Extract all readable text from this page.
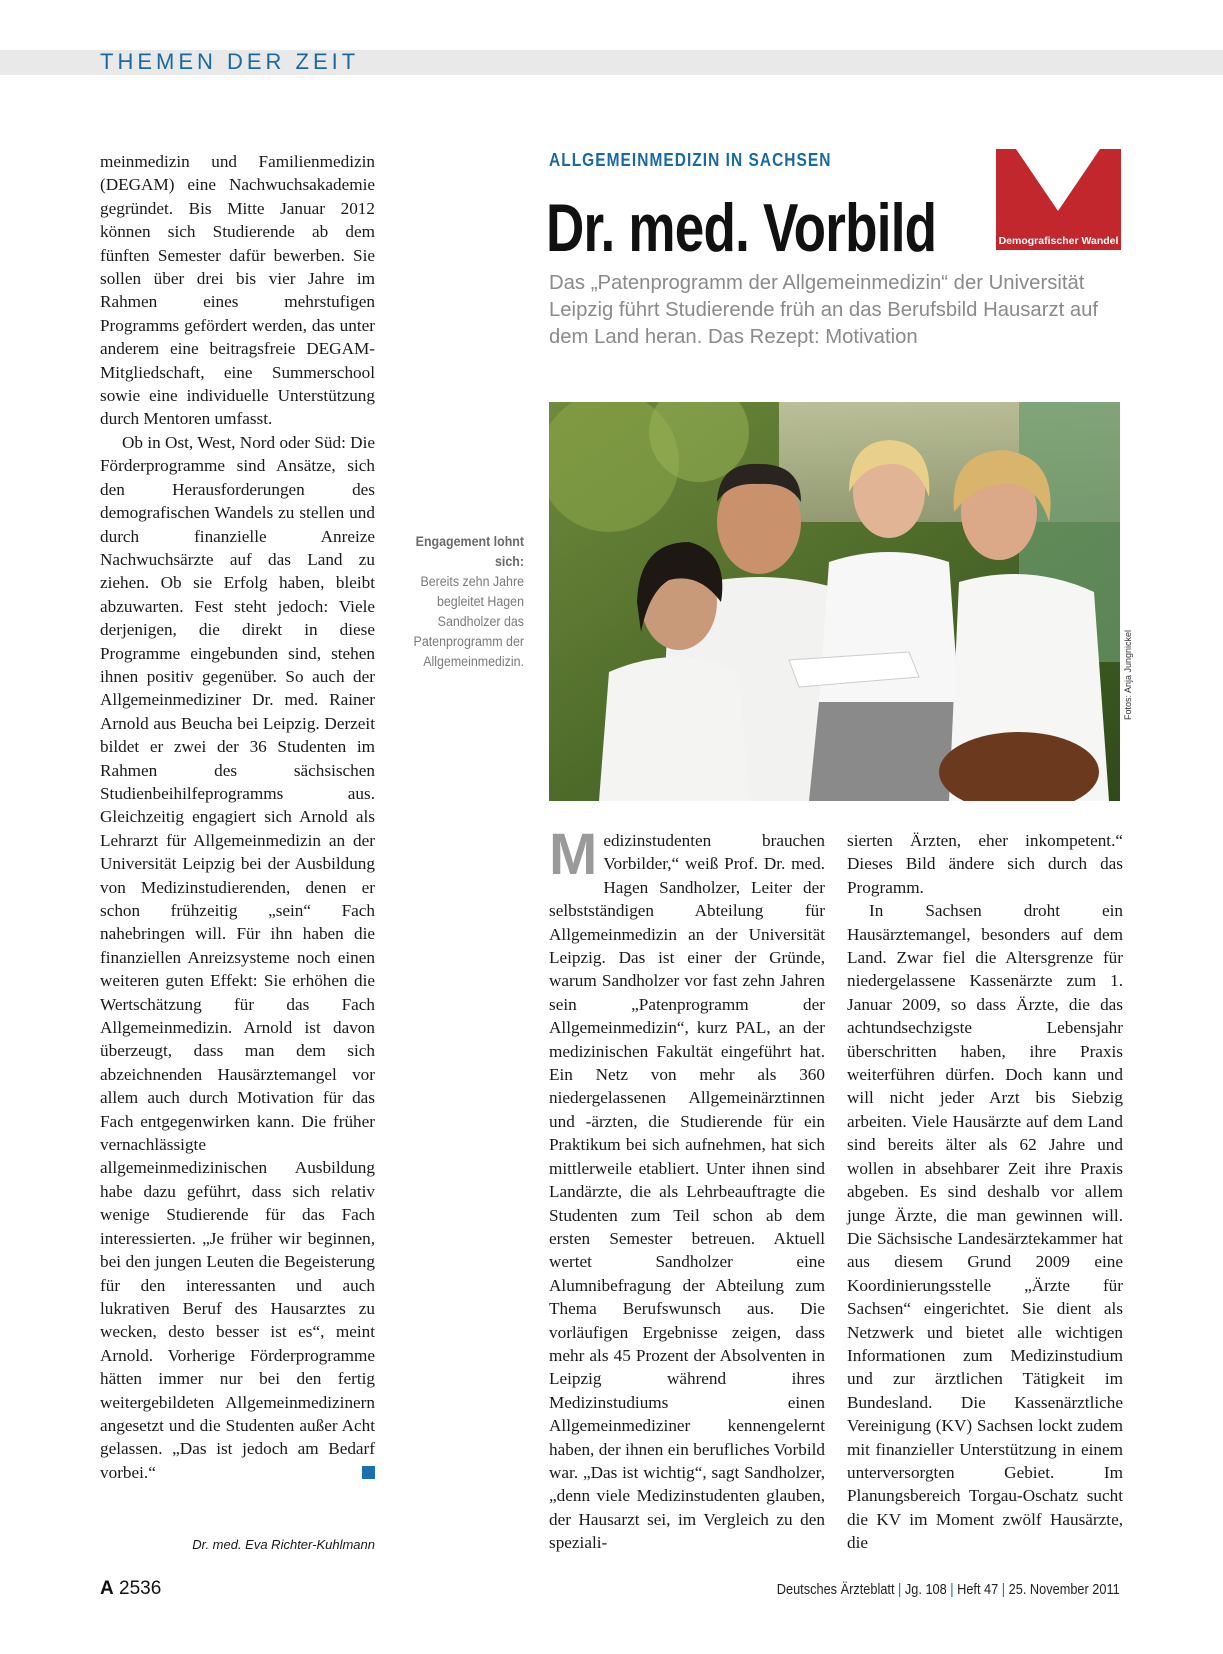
THEMEN DER ZEIT

meinmedizin und Familienmedizin (DEGAM) eine Nachwuchsakademie gegründet. Bis Mitte Januar 2012 können sich Studierende ab dem fünften Semester dafür bewerben. Sie sollen über drei bis vier Jahre im Rahmen eines mehrstufigen Programms gefördert werden, das unter anderem eine beitragsfreie DEGAM-Mitgliedschaft, eine Summerschool sowie eine individuelle Unterstützung durch Mentoren umfasst.

Ob in Ost, West, Nord oder Süd: Die Förderprogramme sind Ansätze, sich den Herausforderungen des demografischen Wandels zu stellen und durch finanzielle Anreize Nachwuchsärzte auf das Land zu ziehen. Ob sie Erfolg haben, bleibt abzuwarten. Fest steht jedoch: Viele derjenigen, die direkt in diese Programme eingebunden sind, stehen ihnen positiv gegenüber. So auch der Allgemeinmediziner Dr. med. Rainer Arnold aus Beucha bei Leipzig. Derzeit bildet er zwei der 36 Studenten im Rahmen des sächsischen Studienbeihilfeprogramms aus. Gleichzeitig engagiert sich Arnold als Lehrarzt für Allgemeinmedizin an der Universität Leipzig bei der Ausbildung von Medizinstudierenden, denen er schon frühzeitig „sein“ Fach nahebringen will. Für ihn haben die finanziellen Anreizsysteme noch einen weiteren guten Effekt: Sie erhöhen die Wertschätzung für das Fach Allgemeinmedizin. Arnold ist davon überzeugt, dass man dem sich abzeichnenden Hausärztemangel vor allem auch durch Motivation für das Fach entgegenwirken kann. Die früher vernachlässigte allgemeinmedizinischen Ausbildung habe dazu geführt, dass sich relativ wenige Studierende für das Fach interessierten. „Je früher wir beginnen, bei den jungen Leuten die Begeisterung für den interessanten und auch lukrativen Beruf des Hausarztes zu wecken, desto besser ist es“, meint Arnold. Vorherige Förderprogramme hätten immer nur bei den fertig weitergebildeten Allgemeinmedizinern angesetzt und die Studenten außer Acht gelassen. „Das ist jedoch am Bedarf vorbei.“

Dr. med. Eva Richter-Kuhlmann
ALLGEMEINMEDIZIN IN SACHSEN
Dr. med. Vorbild
Das „Patenprogramm der Allgemeinmedizin“ der Universität Leipzig führt Studierende früh an das Berufsbild Hausarzt auf dem Land heran. Das Rezept: Motivation
Demografischer Wandel
Engagement lohnt sich:
Bereits zehn Jahre begleitet Hagen Sandholzer das Patenprogramm der Allgemeinmedizin.	Fotos: Anja Jungnickel

Medizinstudenten brauchen Vorbilder,“ weiß Prof. Dr. med. Hagen Sandholzer, Leiter der selbstständigen Abteilung für Allgemeinmedizin an der Universität Leipzig. Das ist einer der Gründe, warum Sandholzer vor fast zehn Jahren sein „Patenprogramm der Allgemeinmedizin“, kurz PAL, an der medizinischen Fakultät eingeführt hat. Ein Netz von mehr als 360 niedergelassenen Allgemeinärztinnen und -ärzten, die Studierende für ein Praktikum bei sich aufnehmen, hat sich mittlerweile etabliert. Unter ihnen sind Landärzte, die als Lehrbeauftragte die Studenten zum Teil schon ab dem ersten Semester betreuen. Aktuell wertet Sandholzer eine Alumnibefragung der Abteilung zum Thema Berufswunsch aus. Die vorläufigen Ergebnisse zeigen, dass mehr als 45 Prozent der Absolventen in Leipzig während ihres Medizinstudiums einen Allgemeinmediziner kennengelernt haben, der ihnen ein berufliches Vorbild war. „Das ist wichtig“, sagt Sandholzer, „denn viele Medizinstudenten glauben, der Hausarzt sei, im Vergleich zu den speziali-

sierten Ärzten, eher inkompetent.“ Dieses Bild ändere sich durch das Programm.

In Sachsen droht ein Hausärztemangel, besonders auf dem Land. Zwar fiel die Altersgrenze für niedergelassene Kassenärzte zum 1. Januar 2009, so dass Ärzte, die das achtundsechzigste Lebensjahr überschritten haben, ihre Praxis weiterführen dürfen. Doch kann und will nicht jeder Arzt bis Siebzig arbeiten. Viele Hausärzte auf dem Land sind bereits älter als 62 Jahre und wollen in absehbarer Zeit ihre Praxis abgeben. Es sind deshalb vor allem junge Ärzte, die man gewinnen will. Die Sächsische Landesärztekammer hat aus diesem Grund 2009 eine Koordinierungsstelle „Ärzte für Sachsen“ eingerichtet. Sie dient als Netzwerk und bietet alle wichtigen Informationen zum Medizinstudium und zur ärztlichen Tätigkeit im Bundesland. Die Kassenärztliche Vereinigung (KV) Sachsen lockt zudem mit finanzieller Unterstützung in einem unterversorgten Gebiet. Im Planungsbereich Torgau-Oschatz sucht die KV im Moment zwölf Hausärzte, die

A 2536	Deutsches Ärzteblatt | Jg. 108 | Heft 47 | 25. November 2011
